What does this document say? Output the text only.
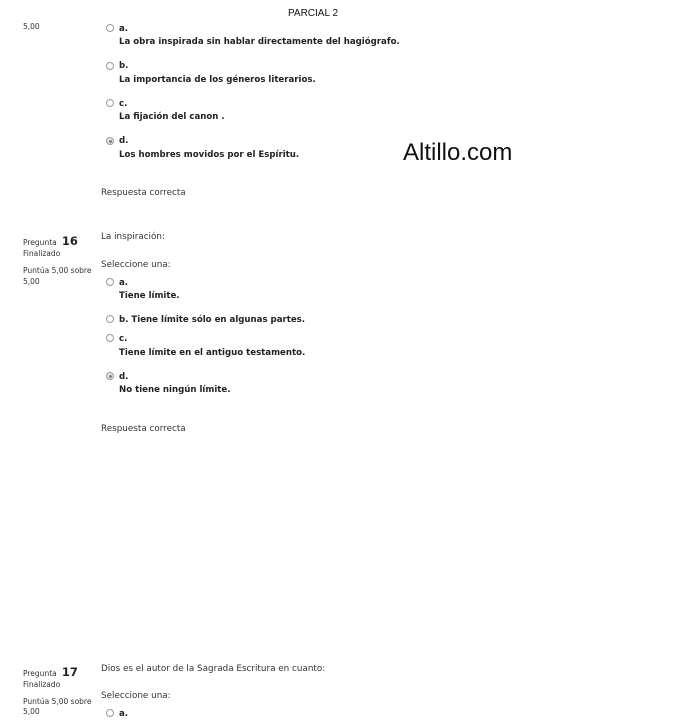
PARCIAL 2
Altillo.com
5,00	a.
La obra inspirada sin hablar directamente del hagiógrafo.
b.
La importancia de los géneros literarios.
c.
La fijación del canon .
d.
Los hombres movidos por el Espíritu.
Respuesta correcta
Pregunta 16
Finalizado
Puntúa 5,00 sobre
5,00
La inspiración:
Seleccione una:
a.
Tiene límite.
b. Tiene límite sólo en algunas partes.
c.
Tiene límite en el antiguo testamento.
d.
No tiene ningún límite.
Respuesta correcta
Pregunta 17
Finalizado
Puntúa 5,00 sobre
5,00
Dios es el autor de la Sagrada Escritura en cuanto:
Seleccione una:
a.
